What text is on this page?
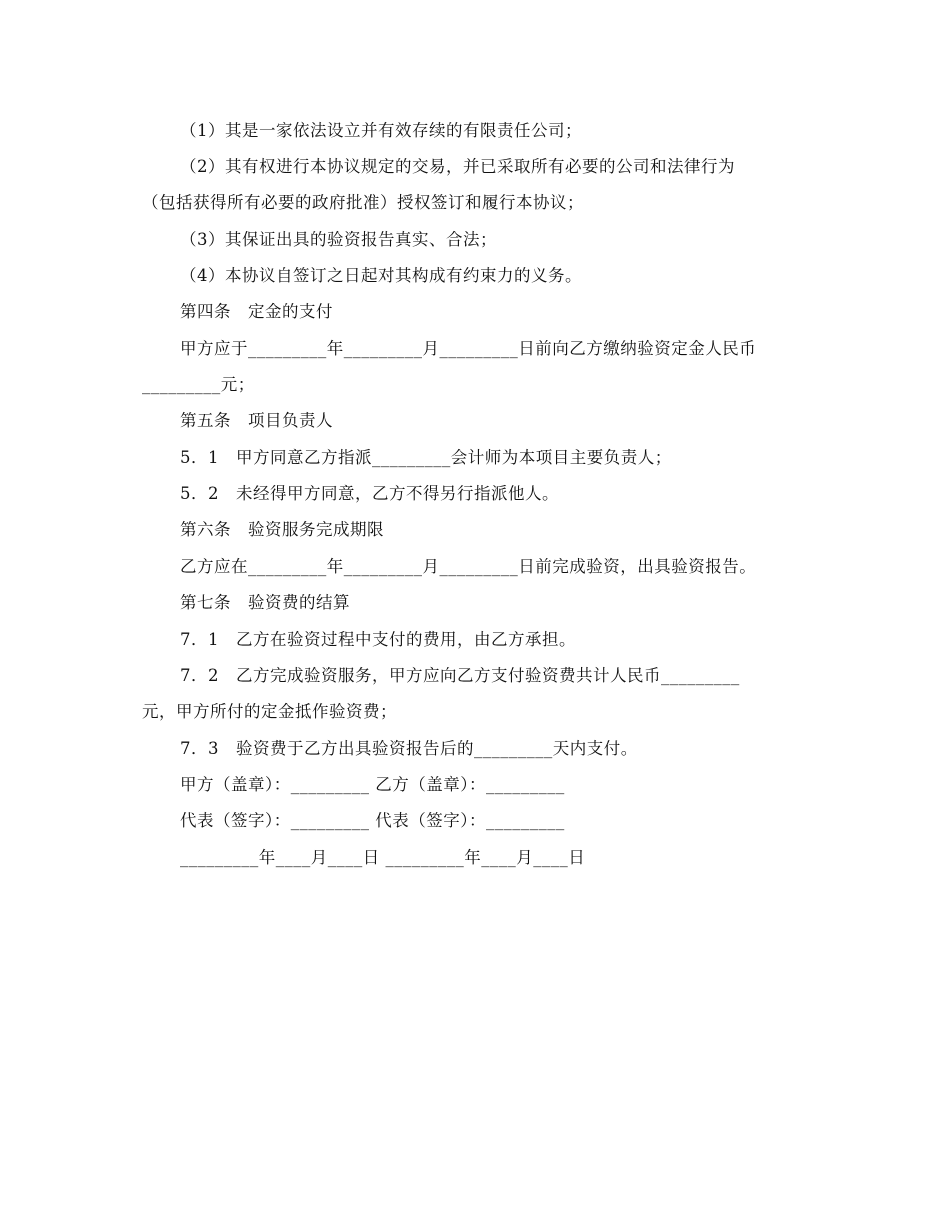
（1）其是一家依法设立并有效存续的有限责任公司；
（2）其有权进行本协议规定的交易，并已采取所有必要的公司和法律行为
（包括获得所有必要的政府批准）授权签订和履行本协议；
（3）其保证出具的验资报告真实、合法；
（4）本协议自签订之日起对其构成有约束力的义务。
第四条　定金的支付
甲方应于_________年_________月_________日前向乙方缴纳验资定金人民币
_________元；
第五条　项目负责人
5．1　甲方同意乙方指派_________会计师为本项目主要负责人；
5．2　未经得甲方同意，乙方不得另行指派他人。
第六条　验资服务完成期限
乙方应在_________年_________月_________日前完成验资，出具验资报告。
第七条　验资费的结算
7．1　乙方在验资过程中支付的费用，由乙方承担。
7．2　乙方完成验资服务，甲方应向乙方支付验资费共计人民币_________
元，甲方所付的定金抵作验资费；
7．3　验资费于乙方出具验资报告后的_________天内支付。
甲方（盖章）：_________ 乙方（盖章）：_________
代表（签字）：_________ 代表（签字）：_________
_________年____月____日 _________年____月____日
